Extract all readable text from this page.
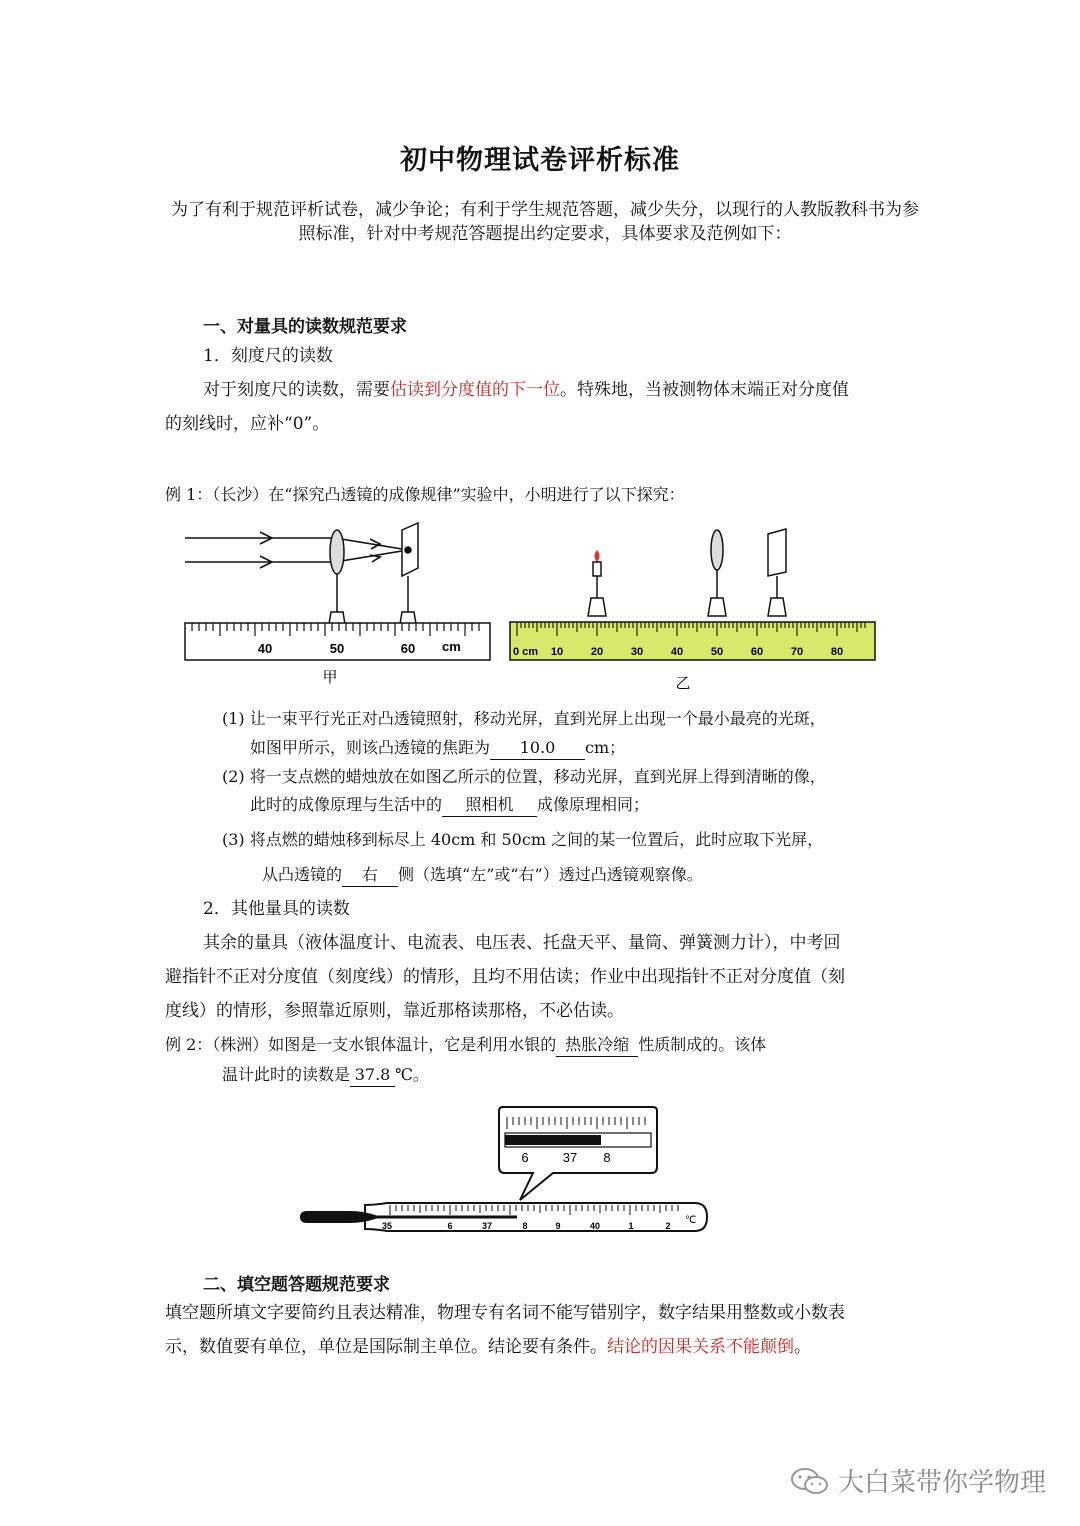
初中物理试卷评析标准
为了有利于规范评析试卷，减少争论；有利于学生规范答题，减少失分，以现行的人教版教科书为参照标准，针对中考规范答题提出约定要求，具体要求及范例如下：
一、对量具的读数规范要求
1．刻度尺的读数
对于刻度尺的读数，需要估读到分度值的下一位。特殊地，当被测物体末端正对分度值
的刻线时，应补“0”。
例 1：（长沙）在“探究凸透镜的成像规律”实验中，小明进行了以下探究：
40	50	60 cm
甲
0 cm 10	20	30	40	50	60	70	80
乙
(1) 让一束平行光正对凸透镜照射，移动光屏，直到光屏上出现一个最小最亮的光斑，
如图甲所示，则该凸透镜的焦距为 10.0 cm；
(2) 将一支点燃的蜡烛放在如图乙所示的位置，移动光屏，直到光屏上得到清晰的像，
此时的成像原理与生活中的 照相机 成像原理相同；
(3) 将点燃的蜡烛移到标尽上 40cm 和 50cm 之间的某一位置后，此时应取下光屏，
从凸透镜的 右 侧（选填“左”或“右”）透过凸透镜观察像。
2．其他量具的读数
其余的量具（液体温度计、电流表、电压表、托盘天平、量筒、弹簧测力计），中考回
避指针不正对分度值（刻度线）的情形，且均不用估读；作业中出现指针不正对分度值（刻
度线）的情形，参照靠近原则，靠近那格读那格，不必估读。
例 2：（株洲）如图是一支水银体温计，它是利用水银的 热胀冷缩 性质制成的。该体
温计此时的读数是 37.8 ℃。
6	37 8
35	6	37	8	9	40	1	2 ℃
二、填空题答题规范要求
填空题所填文字要简约且表达精准，物理专有名词不能写错别字，数字结果用整数或小数表
示，数值要有单位，单位是国际制主单位。结论要有条件。结论的因果关系不能颠倒。
大白菜带你学物理
